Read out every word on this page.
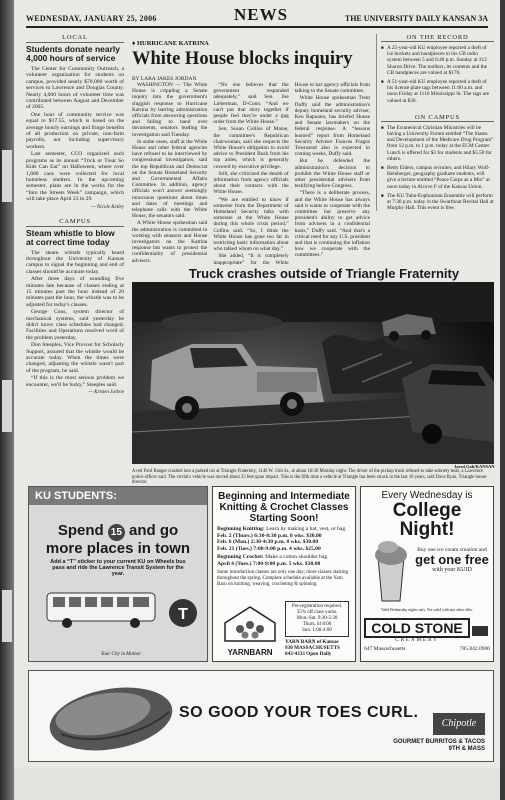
WEDNESDAY, JANUARY 25, 2006	NEWS	THE UNIVERSITY DAILY KANSAN 3A
LOCAL
Students donate nearly 4,000 hours of service

The Center for Community Outreach, a volunteer organization for students on campus, provided nearly $70,000 worth of services to Lawrence and Douglas County. Nearly 4,000 hours of volunteer time was contributed between August and December of 2005.

One hour of community service was equal to $17.55, which is based on the average hourly earnings and fringe benefits of all production on private, non-farm payrolls, not including supervisory workers.

Last semester, CCO organized such programs as its annual “Trick or Treat So Kids Can Eat” on Halloween, where over 1,600 cans were collected for local homeless shelters. In the upcoming semester, plans are in the works for the “Into the Streets Week” campaign, which will take place April 23 to 29.

— Nicole Kelley
CAMPUS
Steam whistle to blow at correct time today

The steam whistle typically heard throughout the University of Kansas campus to signal the beginning and end of classes should be accurate today.

After three days of sounding five minutes late because of classes ending at 15 minutes past the hour instead of 20 minutes past the hour, the whistle was to be adjusted for today's classes.

George Cons, system director of mechanical systems, said yesterday he didn't know class schedules had changed. Facilities and Operations resolved word of the problem yesterday.

Don Steeples, Vice Provost for Scholarly Support, assured that the whistle would be accurate today. When the times were changed, adjusting the whistle wasn't part of the program, he said.

“If this is the most serious problem we encounter, we'll be lucky,” Steeples said.

— Kristen Jarboe
♦ HURRICANE KATRINA
White House blocks inquiry
BY LARA JAKES JORDAN

WASHINGTON — The White House is crippling a Senate inquiry into the government's sluggish response to Hurricane Katrina by barring administration officials from answering questions and failing to hand over documents, senators leading the investigation said Tuesday.

In some cases, staff at the White House and other federal agencies have refused to be interviewed by congressional investigators, said the top Republican and Democrat on the Senate Homeland Security and Governmental Affairs Committee. In addition, agency officials won't answer seemingly innocuous questions about times and dates of meetings and telephone calls with the White House, the senators said.

A White House spokesman said the administration is committed to working with senators and House investigators on the Katrina response but wants to protect the confidentiality of presidential advisers.

“No one believes that the government responded adequately,” said Sen. Joe Lieberman, D-Conn. “And we can't put that story together if people feel they're under a gag order from the White House.”

Sen. Susan Collins of Maine, the committee's Republican chairwoman, said she respects the White House's obligation to avoid advice to President Bush from his top aides, which is generally covered by executive privilege.

Still, she criticized the dearth of information from agency officials about their contacts with the White House.

“We are entitled to know if someone from the Department of Homeland Security talks with someone at the White House during this whole crisis period,” Collins said. “So, I think the White House has gone too far in restricting basic information about who talked whom on what day.”

She added, “It is completely inappropriate” for the White House to bar agency officials from talking to the Senate committee.

White House spokesman Trent Duffy said the administration's deputy homeland security adviser, Ken Rapuano, has briefed House and Senate lawmakers on the federal response. A “lessons learned” report from Homeland Security Adviser Frances Fragos Townsend also is expected in coming weeks, Duffy said.

But he defended the administration's decision to prohibit the White House staff or other presidential advisers from testifying before Congress.

“There is a deliberate process, and the White House has always said it wants to cooperate with the committee but preserve any president's ability to get advice from advisers in a confidential basis,” Duffy said. “And that's a critical need for any U.S. president and that is continuing the inflation how we cooperate with the committees.”

ON THE RECORD
■ A 25-year-old KU employee reported a theft of ice buckets and handpieces to his CB radio system between 5 and 6:40 p.m. Sunday at 312 Sharon Drive. The toolbox, its contents and the CB handpieces are valued at $170.
■ A 51-year-old KU employee reported a theft of his license plate tags between 11:00 a.m. and noon Friday at 1110 Mississippi St. The tags are valued at $30.
ON CAMPUS
■ The Ecumenical Christian Ministries will be having a University Forum entitled “The Status and Development of the Medicare Drug Program” from 12 p.m. to 1 p.m. today at the ECM Center. Lunch is offered for $3 for students and $5.50 for others.
■ Betty Elders, campus recruiter, and Hilary Wolf-Heinberger, geography graduate students, will give a lecture entitled “Peace Corps as a Mix” at noon today in Alcove F of the Kansas Union.
■ The KU Tuba-Euphonium Ensemble will perform at 7:30 p.m. today in the Swarthout Recital Hall at Murphy Hall. This event is free.
Truck crashes outside of Triangle Fraternity
Jared Gab/KANSAN
A red Ford Ranger crashed into a parked car at Triangle Fraternity, 1146 W. 11th St., at about 10:30 Monday night. The driver of the pickup truck refused to take sobriety tests, a Lawrence police officer said. The victim's vehicle was moved about 25 feet upon impact. This is the fifth time a vehicle at Triangle has been struck in the last 10 years, said Dave Ryan, Triangle house director.
KU STUDENTS:
Spend 15 and go
more places in town
Add a “T” sticker to your current KU on Wheels bus pass and ride the Lawrence Transit System for the year.
T
Your City in Motion
Beginning and Intermediate Knitting & Crochet Classes Starting Soon!
Beginning Knitting: Learn by making a hat, vest, or bag.
Feb. 2 (Thurs.) 6:30-8:30 p.m. 8 wks. $30.00
Feb. 6 (Mon.) 2:30-4:30 p.m. 8 wks. $30.00
Feb. 21 (Tues.) 7:00-9:00 p.m. 4 wks. $25.00
Beginning Crochet: Make a cotton shoulder bag.
April 4 (Tues.) 7:00-9:00 p.m. 5 wks. $30.00
Some introduction classes are only one day; more classes starting throughout the spring. Complete schedule available at the Yarn Barn on knitting, weaving, crocheting & spinning.
YARNBARN
Pre-registration required.
35% off class yarns.
Mon.-Sat. 9:30-5:30
Thurs. til 8:00
Sun. 1:00-4:00
YARN BARN of Kansas
930 MASSACHUSETTS
843-4333 Open Daily
Every Wednesday is
College Night!
Buy one ice cream creation and
get one free
with your KUID
Valid Wednesday nights only. Not valid with any other offer.
COLD STONE
CREAMERY
647 Massachusetts	785.842.0900
SO GOOD YOUR TOES CURL.
Chipotle
GOURMET BURRITOS & TACOS
9TH & MASS
